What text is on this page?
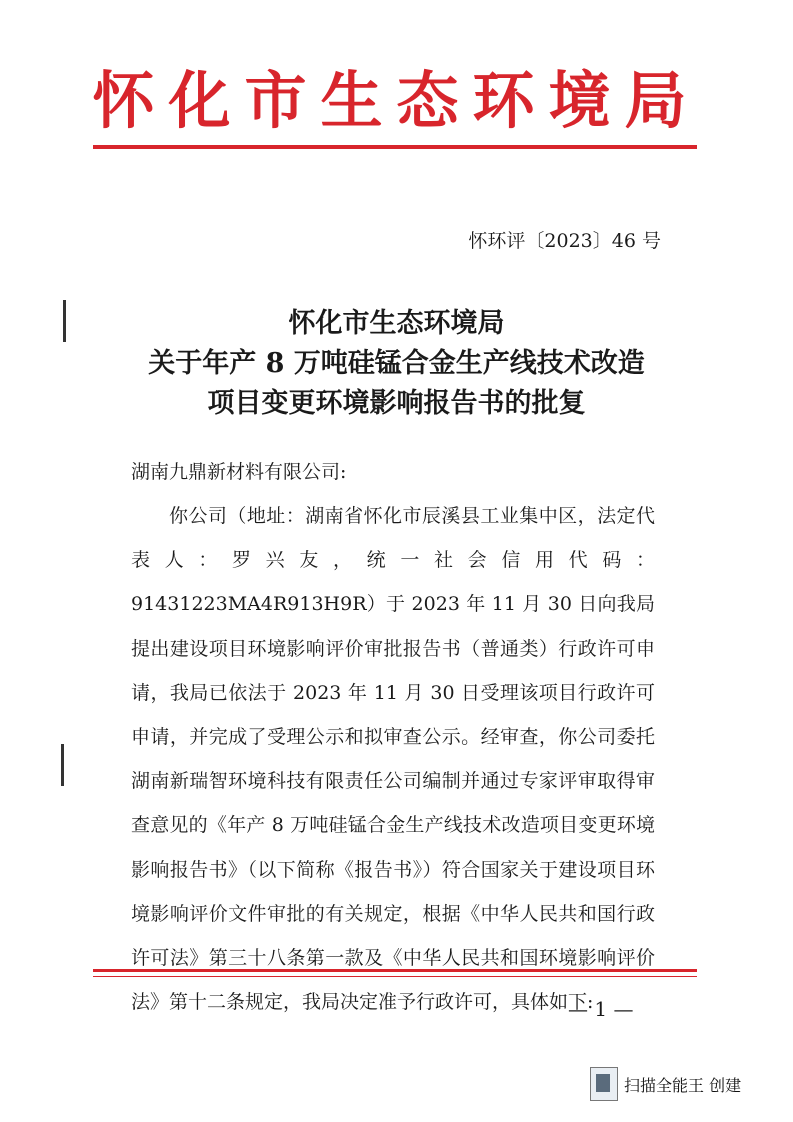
怀化市生态环境局
怀环评〔2023〕46 号
怀化市生态环境局
关于年产 8 万吨硅锰合金生产线技术改造
项目变更环境影响报告书的批复
湖南九鼎新材料有限公司:
你公司（地址：湖南省怀化市辰溪县工业集中区，法定代表人：罗兴友，统一社会信用代码：91431223MA4R913H9R）于 2023 年 11 月 30 日向我局提出建设项目环境影响评价审批报告书（普通类）行政许可申请，我局已依法于 2023 年 11 月 30 日受理该项目行政许可申请，并完成了受理公示和拟审查公示。经审查，你公司委托湖南新瑞智环境科技有限责任公司编制并通过专家评审取得审查意见的《年产 8 万吨硅锰合金生产线技术改造项目变更环境影响报告书》（以下简称《报告书》）符合国家关于建设项目环境影响评价文件审批的有关规定，根据《中华人民共和国行政许可法》第三十八条第一款及《中华人民共和国环境影响评价法》第十二条规定，我局决定准予行政许可，具体如下:
— 1 —
扫描全能王 创建
